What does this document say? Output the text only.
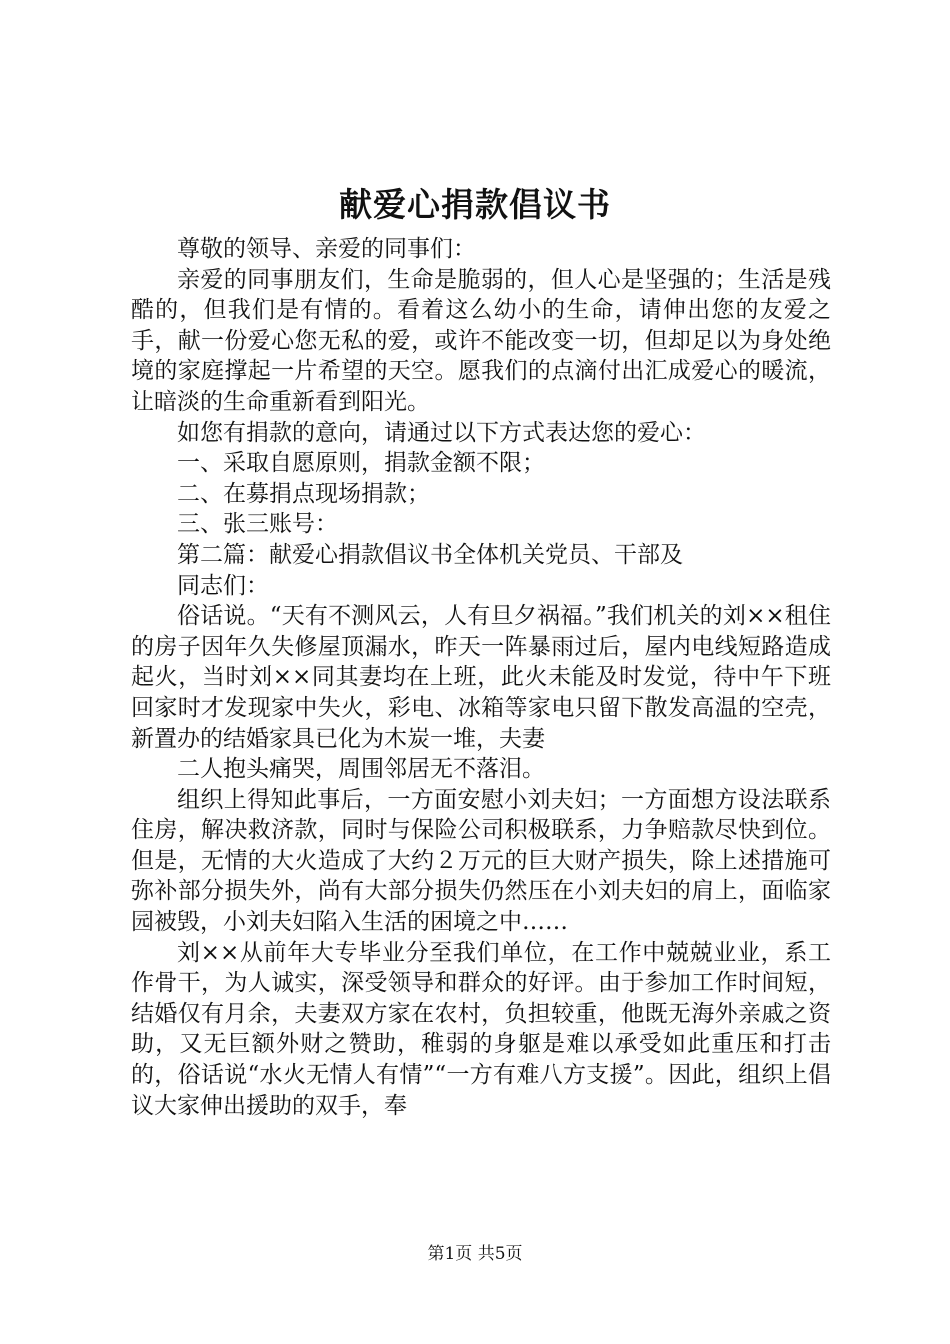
献爱心捐款倡议书

尊敬的领导、亲爱的同事们：

亲爱的同事朋友们，生命是脆弱的，但人心是坚强的；生活是残酷的，但我们是有情的。看着这么幼小的生命，请伸出您的友爱之手，献一份爱心您无私的爱，或许不能改变一切，但却足以为身处绝境的家庭撑起一片希望的天空。愿我们的点滴付出汇成爱心的暖流，让暗淡的生命重新看到阳光。

如您有捐款的意向，请通过以下方式表达您的爱心：

一、采取自愿原则，捐款金额不限；

二、在募捐点现场捐款；

三、张三账号：

第二篇：献爱心捐款倡议书全体机关党员、干部及

同志们：

俗话说。“天有不测风云，人有旦夕祸福。”我们机关的刘××租住的房子因年久失修屋顶漏水，昨天一阵暴雨过后，屋内电线短路造成起火，当时刘××同其妻均在上班，此火未能及时发觉，待中午下班回家时才发现家中失火，彩电、冰箱等家电只留下散发高温的空壳，新置办的结婚家具已化为木炭一堆，夫妻

二人抱头痛哭，周围邻居无不落泪。

组织上得知此事后，一方面安慰小刘夫妇；一方面想方设法联系住房，解决救济款，同时与保险公司积极联系，力争赔款尽快到位。但是，无情的大火造成了大约２万元的巨大财产损失，除上述措施可弥补部分损失外，尚有大部分损失仍然压在小刘夫妇的肩上，面临家园被毁，小刘夫妇陷入生活的困境之中……

刘××从前年大专毕业分至我们单位，在工作中兢兢业业，系工作骨干，为人诚实，深受领导和群众的好评。由于参加工作时间短，结婚仅有月余，夫妻双方家在农村，负担较重，他既无海外亲戚之资助，又无巨额外财之赞助，稚弱的身躯是难以承受如此重压和打击的，俗话说“水火无情人有情”“一方有难八方支援”。因此，组织上倡议大家伸出援助的双手，奉

第1页 共5页
